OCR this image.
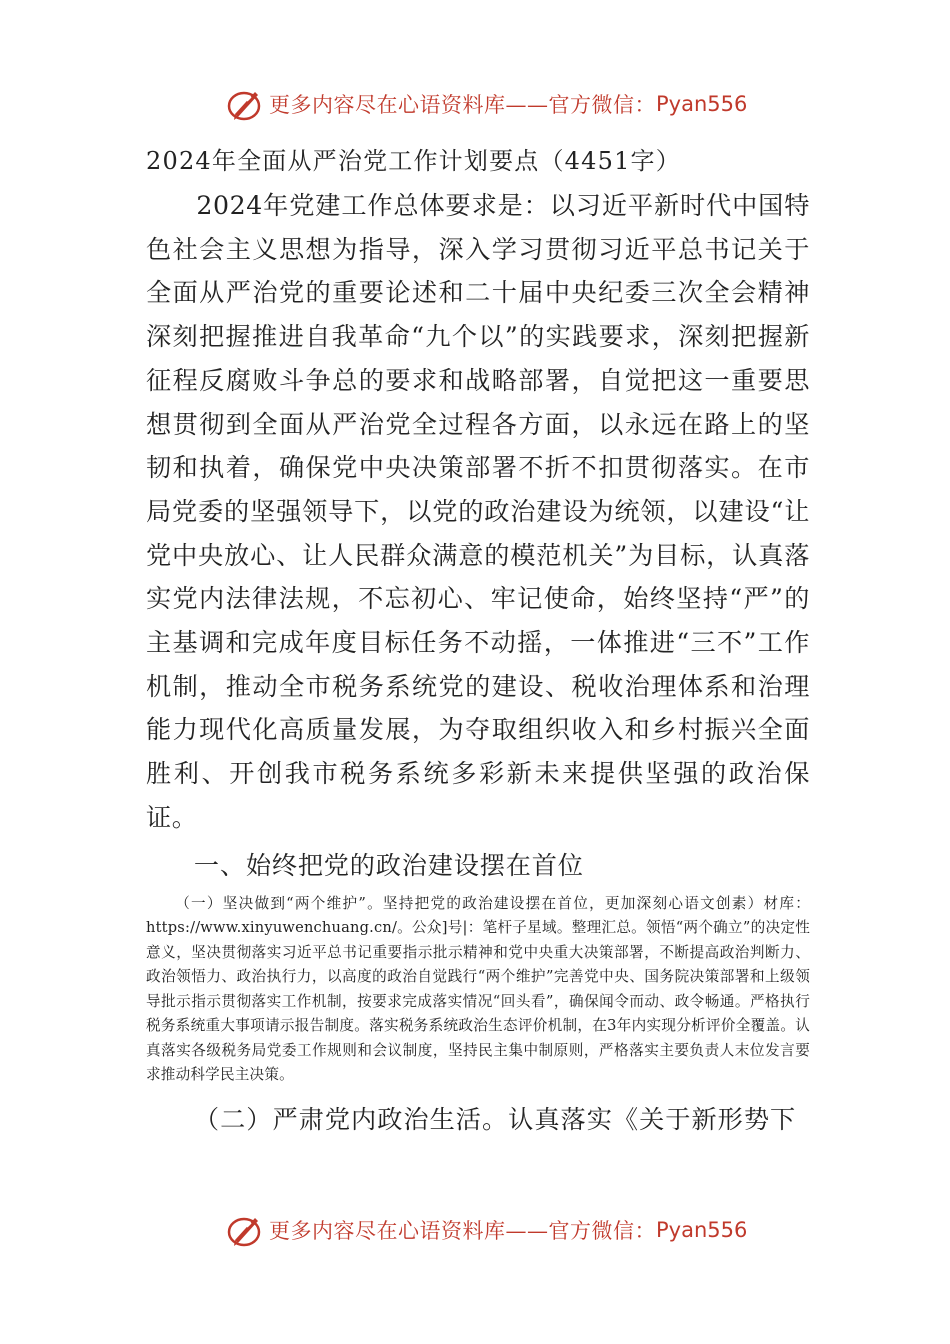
更多内容尽在心语资料库——官方微信： Pyan556

2024年全面从严治党工作计划要点（4451字）

2024年党建工作总体要求是：以习近平新时代中国特色社会主义思想为指导，深入学习贯彻习近平总书记关于全面从严治党的重要论述和二十届中央纪委三次全会精神深刻把握推进自我革命“九个以”的实践要求，深刻把握新征程反腐败斗争总的要求和战略部署，自觉把这一重要思想贯彻到全面从严治党全过程各方面，以永远在路上的坚韧和执着，确保党中央决策部署不折不扣贯彻落实。在市局党委的坚强领导下，以党的政治建设为统领，以建设“让党中央放心、让人民群众满意的模范机关”为目标，认真落实党内法律法规，不忘初心、牢记使命，始终坚持“严”的主基调和完成年度目标任务不动摇，一体推进“三不”工作机制，推动全市税务系统党的建设、税收治理体系和治理能力现代化高质量发展，为夺取组织收入和乡村振兴全面胜利、开创我市税务系统多彩新未来提供坚强的政治保证。

一、始终把党的政治建设摆在首位

（一）坚决做到“两个维护”。坚持把党的政治建设摆在首位，更加深刻心语文创素）材库：https://www.xinyuwenchuang.cn/。公众]号|：笔杆子星域。整理汇总。领悟“两个确立”的决定性意义，坚决贯彻落实习近平总书记重要指示批示精神和党中央重大决策部署，不断提高政治判断力、政治领悟力、政治执行力，以高度的政治自觉践行“两个维护”完善党中央、国务院决策部署和上级领导批示指示贯彻落实工作机制，按要求完成落实情况“回头看”，确保闻令而动、政令畅通。严格执行税务系统重大事项请示报告制度。落实税务系统政治生态评价机制，在3年内实现分析评价全覆盖。认真落实各级税务局党委工作规则和会议制度，坚持民主集中制原则，严格落实主要负责人末位发言要求推动科学民主决策。

（二）严肃党内政治生活。认真落实《关于新形势下

更多内容尽在心语资料库——官方微信： Pyan556
